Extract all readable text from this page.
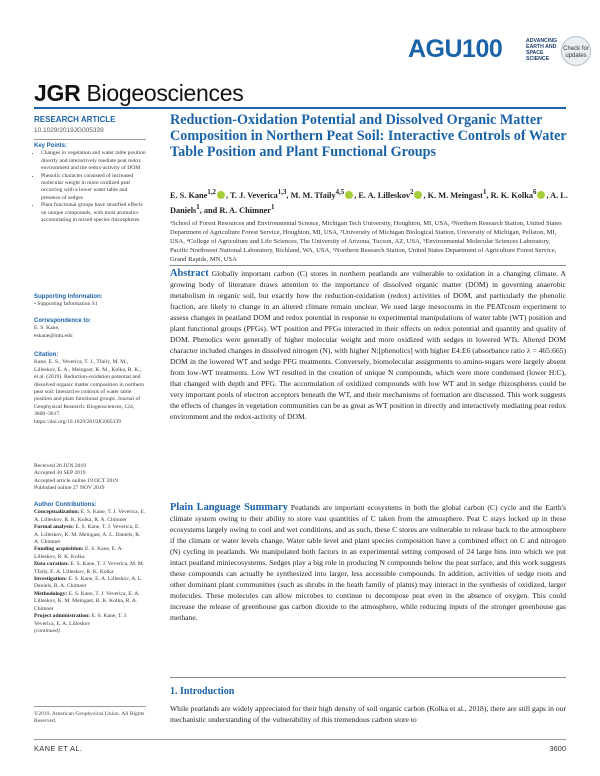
AGU100	ADVANCING
EARTH AND
SPACE SCIENCE
Check for updates
JGR Biogeosciences
RESEARCH ARTICLE
10.1029/2019JG005339
Key Points:
• Changes in vegetation and water table position directly and interactively mediate peat redox environment and the redox-activity of DOM
• Phenolic character consisted of increased molecular weight in more oxidized peat occurring with a lower water table and presence of sedges
• Plant functional groups have stratified effects on unique compounds, with most aromatics accumulating in mixed species rhizospheres
Supporting Information:
• Supporting Information S1
Correspondence to:
E. S. Kane,
eskane@mtu.edu
Citation:
Kane, E. S., Veverica, T. J., Tfaily, M. M., Lilleskov, E. A., Meingast, K. M., Kolka, R. K., et al. (2019). Reduction-oxidation potential and dissolved organic matter composition in northern peat soil: Interactive controls of water table position and plant functional groups. Journal of Geophysical Research: Biogeosciences, 124, 3600–3617. https://doi.org/10.1029/2019JG005339
Received 26 JUN 2019
Accepted 30 SEP 2019
Accepted article online 19 OCT 2019
Published online 27 NOV 2019
Author Contributions:
Conceptualization: E. S. Kane, T. J. Veverica, E. A. Lilleskov, R. K. Kolka, R. A. Chimner
Formal analysis: E. S. Kane, T. J. Veverica, E. A. Lilleskov, K. M. Meingast, A. L. Daniels, R. A. Chimner
Funding acquisition: E. S. Kane, E. A. Lilleskov, R. K. Kolka
Data curation: E. S. Kane, T. J. Veverica, M. M. Tfaily, E. A. Lilleskov, R. K. Kolka
Investigation: E. S. Kane, E. A. Lilleskov, A. L. Daniels, R. A. Chimner
Methodology: E. S. Kane, T. J. Veverica, E. A. Lilleskov, K. M. Meingast, R. K. Kolka, R. A. Chimner
Project administration: E. S. Kane, T. J. Veverica, E. A. Lilleskov
(continued)
©2019. American Geophysical Union. All Rights Reserved.
Reduction-Oxidation Potential and Dissolved Organic Matter Composition in Northern Peat Soil: Interactive Controls of Water Table Position and Plant Functional Groups
E. S. Kane$^{1,2}$ , T. J. Veverica$^{1,3}$, M. M. Tfaily$^{4,5}$ , E. A. Lilleskov$^2$ , K. M. Meingast$^1$, R. K. Kolka$^6$ , A. L. Daniels$^1$, and R. A. Chimner$^1$
¹School of Forest Resources and Environmental Science, Michigan Tech University, Houghton, MI, USA, ²Northern Research Station, United States Department of Agriculture Forest Service, Houghton, MI, USA, ³University of Michigan Biological Station, University of Michigan, Pellston, MI, USA, ⁴College of Agriculture and Life Sciences, The University of Arizona, Tucson, AZ, USA, ⁵Environmental Molecular Sciences Laboratory, Pacific Northwest National Laboratory, Richland, WA, USA, ⁶Northern Research Station, United States Department of Agriculture Forest Service, Grand Rapids, MN, USA
Abstract Globally important carbon (C) stores in northern peatlands are vulnerable to oxidation in a changing climate. A growing body of literature draws attention to the importance of dissolved organic matter (DOM) in governing anaerobic metabolism in organic soil, but exactly how the reduction-oxidation (redox) activities of DOM, and particularly the phenolic fraction, are likely to change in an altered climate remain unclear. We used large mesocosms in the PEATcosm experiment to assess changes in peatland DOM and redox potential in response to experimental manipulations of water table (WT) position and plant functional groups (PFGs). WT position and PFGs interacted in their effects on redox potential and quantity and quality of DOM. Phenolics were generally of higher molecular weight and more oxidized with sedges in lowered WTs. Altered DOM character included changes in dissolved nitrogen (N), with higher N:[phenolics] with higher E4:E6 (absorbance ratio λ = 465:665) DOM in the lowered WT and sedge PFG treatments. Conversely, biomolecular assignments to amino-sugars were largely absent from low-WT treatments. Low WT resulted in the creation of unique N compounds, which were more condensed (lower H:C), that changed with depth and PFG. The accumulation of oxidized compounds with low WT and in sedge rhizospheres could be very important pools of electron acceptors beneath the WT, and their mechanisms of formation are discussed. This work suggests the effects of changes in vegetation communities can be as great as WT position in directly and interactively mediating peat redox environment and the redox-activity of DOM.
Plain Language Summary Peatlands are important ecosystems in both the global carbon (C) cycle and the Earth's climate system owing to their ability to store vast quantities of C taken from the atmosphere. Peat C stays locked up in these ecosystems largely owing to cool and wet conditions, and as such, these C stores are vulnerable to release back to the atmosphere if the climate or water levels change. Water table level and plant species composition have a combined effect on C and nitrogen (N) cycling in peatlands. We manipulated both factors in an experimental setting composed of 24 large bins into which we put intact peatland miniecosystems. Sedges play a big role in producing N compounds below the peat surface, and this work suggests these compounds can actually be synthesized into larger, less accessible compounds. In addition, activities of sedge roots and other dominant plant communities (such as shrubs in the heath family of plants) may interact in the synthesis of oxidized, larger molecules. These molecules can allow microbes to continue to decompose peat even in the absence of oxygen. This could increase the release of greenhouse gas carbon dioxide to the atmosphere, while reducing inputs of the stronger greenhouse gas methane.
1. Introduction
While peatlands are widely appreciated for their high density of soil organic carbon (Kolka et al., 2018), there are still gaps in our mechanistic understanding of the vulnerability of this tremendous carbon store to
KANE ET AL.	3600
